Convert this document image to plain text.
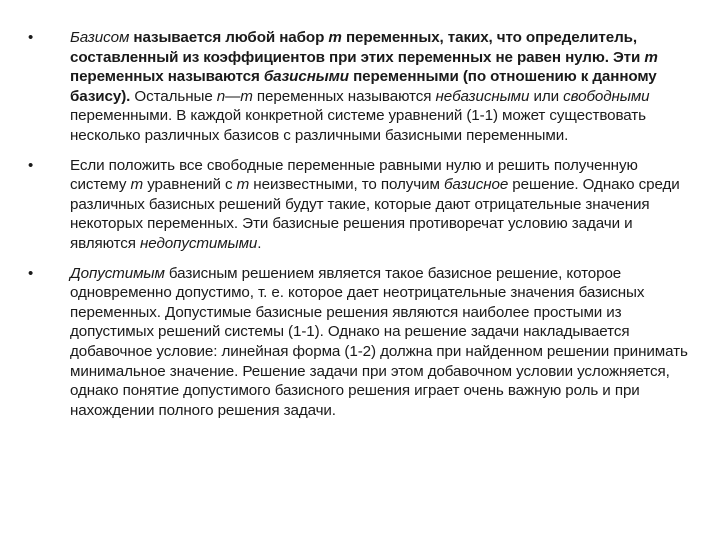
•	Базисом называется любой набор m переменных, таких, что определитель, составленный из коэффициентов при этих переменных не равен нулю. Эти m переменных называются базисными переменными (по отношению к данному базису). Остальные n—m переменных называются небазисными или свободными переменными. В каждой конкретной системе уравнений (1-1) может существовать несколько различных базисов с различными базисными переменными.
•	Если положить все свободные переменные равными нулю и решить полученную систему m уравнений с m неизвестными, то получим базисное решение. Однако среди различных базисных решений будут такие, которые дают отрицательные значения некоторых переменных. Эти базисные решения противоречат условию задачи и являются недопустимыми.
•	Допустимым базисным решением является такое базисное решение, которое одновременно допустимо, т. е. которое дает неотрицательные значения базисных переменных. Допустимые базисные решения являются наиболее простыми из допустимых решений системы (1-1). Однако на решение задачи накладывается добавочное условие: линейная форма (1-2) должна при найденном решении принимать минимальное значение. Решение задачи при этом добавочном условии усложняется, однако понятие допустимого базисного решения играет очень важную роль и при нахождении полного решения задачи.
